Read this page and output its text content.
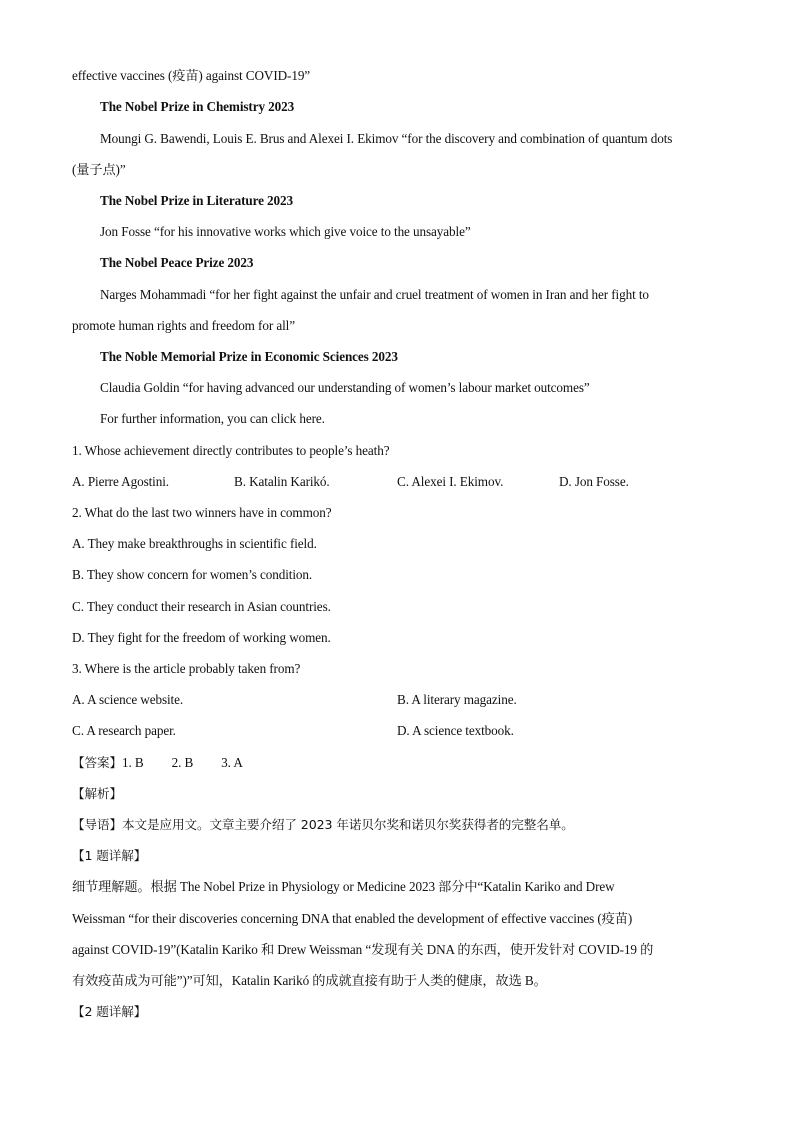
effective vaccines (疫苗) against COVID-19”
The Nobel Prize in Chemistry 2023
Moungi G. Bawendi, Louis E. Brus and Alexei I. Ekimov “for the discovery and combination of quantum dots
(量子点)”
The Nobel Prize in Literature 2023
Jon Fosse “for his innovative works which give voice to the unsayable”
The Nobel Peace Prize 2023
Narges Mohammadi “for her fight against the unfair and cruel treatment of women in Iran and her fight to
promote human rights and freedom for all”
The Noble Memorial Prize in Economic Sciences 2023
Claudia Goldin “for having advanced our understanding of women’s labour market outcomes”
For further information, you can click here.
1. Whose achievement directly contributes to people’s heath?
A. Pierre Agostini.	B. Katalin Karikó.	C. Alexei I. Ekimov.	D. Jon Fosse.
2. What do the last two winners have in common?
A. They make breakthroughs in scientific field.
B. They show concern for women’s condition.
C. They conduct their research in Asian countries.
D. They fight for the freedom of working women.
3. Where is the article probably taken from?
A. A science website.	B. A literary magazine.
C. A research paper.	D. A science textbook.
【答案】1. B 2. B 3. A
【解析】
【导语】本文是应用文。文章主要介绍了 2023 年诺贝尔奖和诺贝尔奖获得者的完整名单。
【1 题详解】
细节理解题。根据 The Nobel Prize in Physiology or Medicine 2023 部分中“Katalin Kariko and Drew
Weissman “for their discoveries concerning DNA that enabled the development of effective vaccines (疫苗)
against COVID-19”(Katalin Kariko 和 Drew Weissman “发现有关 DNA 的东西，使开发针对 COVID-19 的
有效疫苗成为可能”)”可知，Katalin Karikó 的成就直接有助于人类的健康，故选 B。
【2 题详解】
